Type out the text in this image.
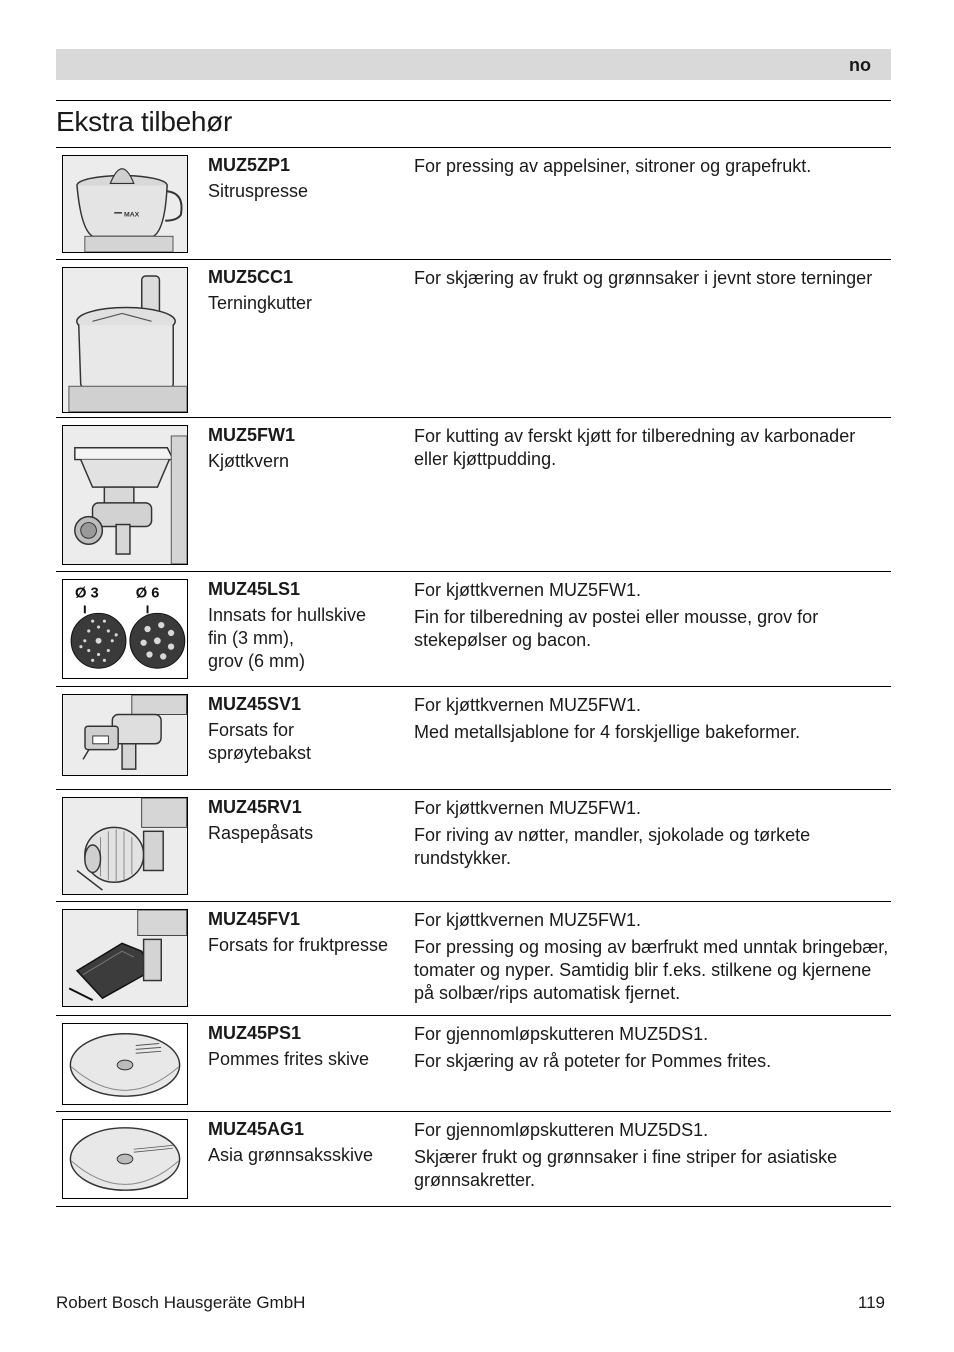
no
Ekstra tilbehør
MAX
MUZ5ZP1
Sitruspresse

For pressing av appelsiner, sitroner og grapefrukt.

MUZ5CC1
Terningkutter

For skjæring av frukt og grønnsaker i jevnt store terninger

MUZ5FW1
Kjøttkvern

For kutting av ferskt kjøtt for tilberedning av karbonader eller kjøttpudding.

Ø 3 Ø 6	MUZ45LS1
Innsats for hullskive
fin (3 mm),
grov (6 mm)

For kjøttkvernen MUZ5FW1.

Fin for tilberedning av postei eller mousse, grov for stekepølser og bacon.

MUZ45SV1
Forsats for sprøytebakst

For kjøttkvernen MUZ5FW1.

Med metallsjablone for 4 forskjellige bakeformer.

MUZ45RV1
Raspepåsats

For kjøttkvernen MUZ5FW1.

For riving av nøtter, mandler, sjokolade og tørkete rundstykker.

MUZ45FV1
Forsats for fruktpresse

For kjøttkvernen MUZ5FW1.

For pressing og mosing av bærfrukt med unntak bringebær, tomater og nyper. Samtidig blir f.eks. stilkene og kjernene på solbær/rips automatisk fjernet.

MUZ45PS1
Pommes frites skive

For gjennomløpskutteren MUZ5DS1.

For skjæring av rå poteter for Pommes frites.

MUZ45AG1
Asia grønnsaksskive

For gjennomløpskutteren MUZ5DS1.

Skjærer frukt og grønnsaker i fine striper for asiatiske grønnsakretter.

Robert Bosch Hausgeräte GmbH	119
